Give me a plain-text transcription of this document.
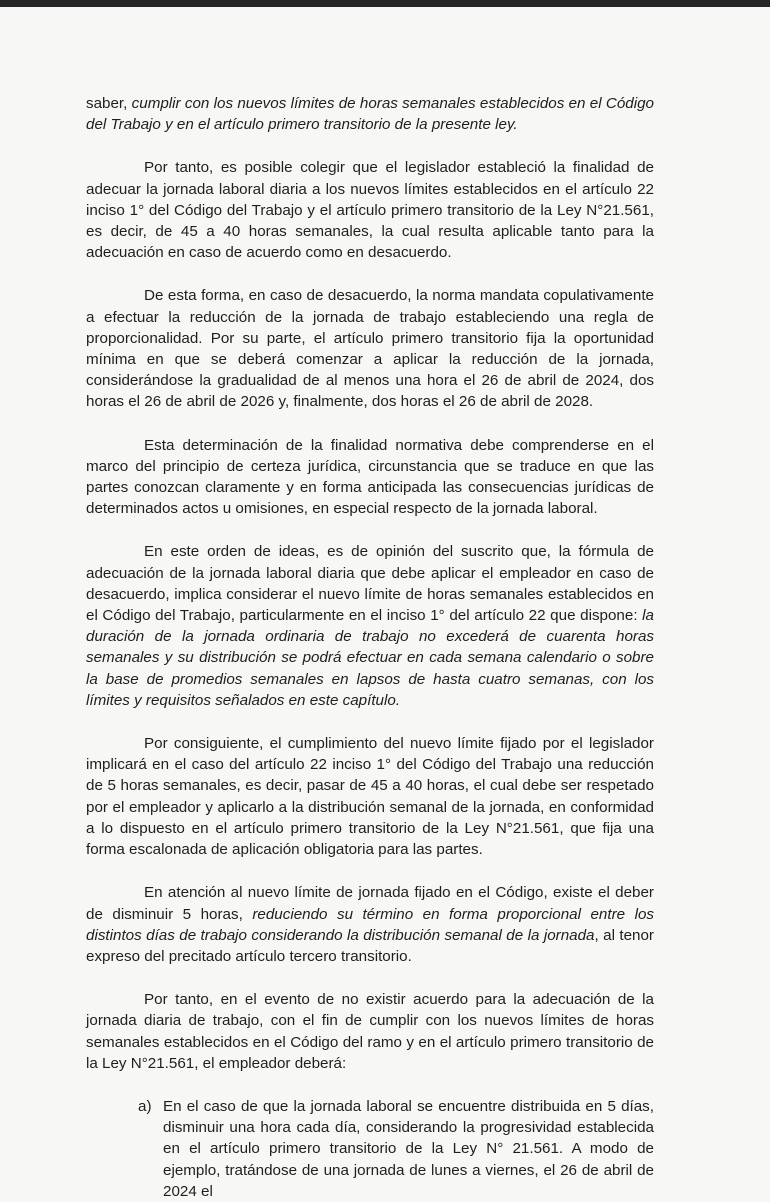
saber, cumplir con los nuevos límites de horas semanales establecidos en el Código del Trabajo y en el artículo primero transitorio de la presente ley.

Por tanto, es posible colegir que el legislador estableció la finalidad de adecuar la jornada laboral diaria a los nuevos límites establecidos en el artículo 22 inciso 1° del Código del Trabajo y el artículo primero transitorio de la Ley N°21.561, es decir, de 45 a 40 horas semanales, la cual resulta aplicable tanto para la adecuación en caso de acuerdo como en desacuerdo.

De esta forma, en caso de desacuerdo, la norma mandata copulativamente a efectuar la reducción de la jornada de trabajo estableciendo una regla de proporcionalidad. Por su parte, el artículo primero transitorio fija la oportunidad mínima en que se deberá comenzar a aplicar la reducción de la jornada, considerándose la gradualidad de al menos una hora el 26 de abril de 2024, dos horas el 26 de abril de 2026 y, finalmente, dos horas el 26 de abril de 2028.

Esta determinación de la finalidad normativa debe comprenderse en el marco del principio de certeza jurídica, circunstancia que se traduce en que las partes conozcan claramente y en forma anticipada las consecuencias jurídicas de determinados actos u omisiones, en especial respecto de la jornada laboral.

En este orden de ideas, es de opinión del suscrito que, la fórmula de adecuación de la jornada laboral diaria que debe aplicar el empleador en caso de desacuerdo, implica considerar el nuevo límite de horas semanales establecidos en el Código del Trabajo, particularmente en el inciso 1° del artículo 22 que dispone: la duración de la jornada ordinaria de trabajo no excederá de cuarenta horas semanales y su distribución se podrá efectuar en cada semana calendario o sobre la base de promedios semanales en lapsos de hasta cuatro semanas, con los límites y requisitos señalados en este capítulo.

Por consiguiente, el cumplimiento del nuevo límite fijado por el legislador implicará en el caso del artículo 22 inciso 1° del Código del Trabajo una reducción de 5 horas semanales, es decir, pasar de 45 a 40 horas, el cual debe ser respetado por el empleador y aplicarlo a la distribución semanal de la jornada, en conformidad a lo dispuesto en el artículo primero transitorio de la Ley N°21.561, que fija una forma escalonada de aplicación obligatoria para las partes.

En atención al nuevo límite de jornada fijado en el Código, existe el deber de disminuir 5 horas, reduciendo su término en forma proporcional entre los distintos días de trabajo considerando la distribución semanal de la jornada, al tenor expreso del precitado artículo tercero transitorio.

Por tanto, en el evento de no existir acuerdo para la adecuación de la jornada diaria de trabajo, con el fin de cumplir con los nuevos límites de horas semanales establecidos en el Código del ramo y en el artículo primero transitorio de la Ley N°21.561, el empleador deberá:

a) En el caso de que la jornada laboral se encuentre distribuida en 5 días, disminuir una hora cada día, considerando la progresividad establecida en el artículo primero transitorio de la Ley N° 21.561. A modo de ejemplo, tratándose de una jornada de lunes a viernes, el 26 de abril de 2024 el
